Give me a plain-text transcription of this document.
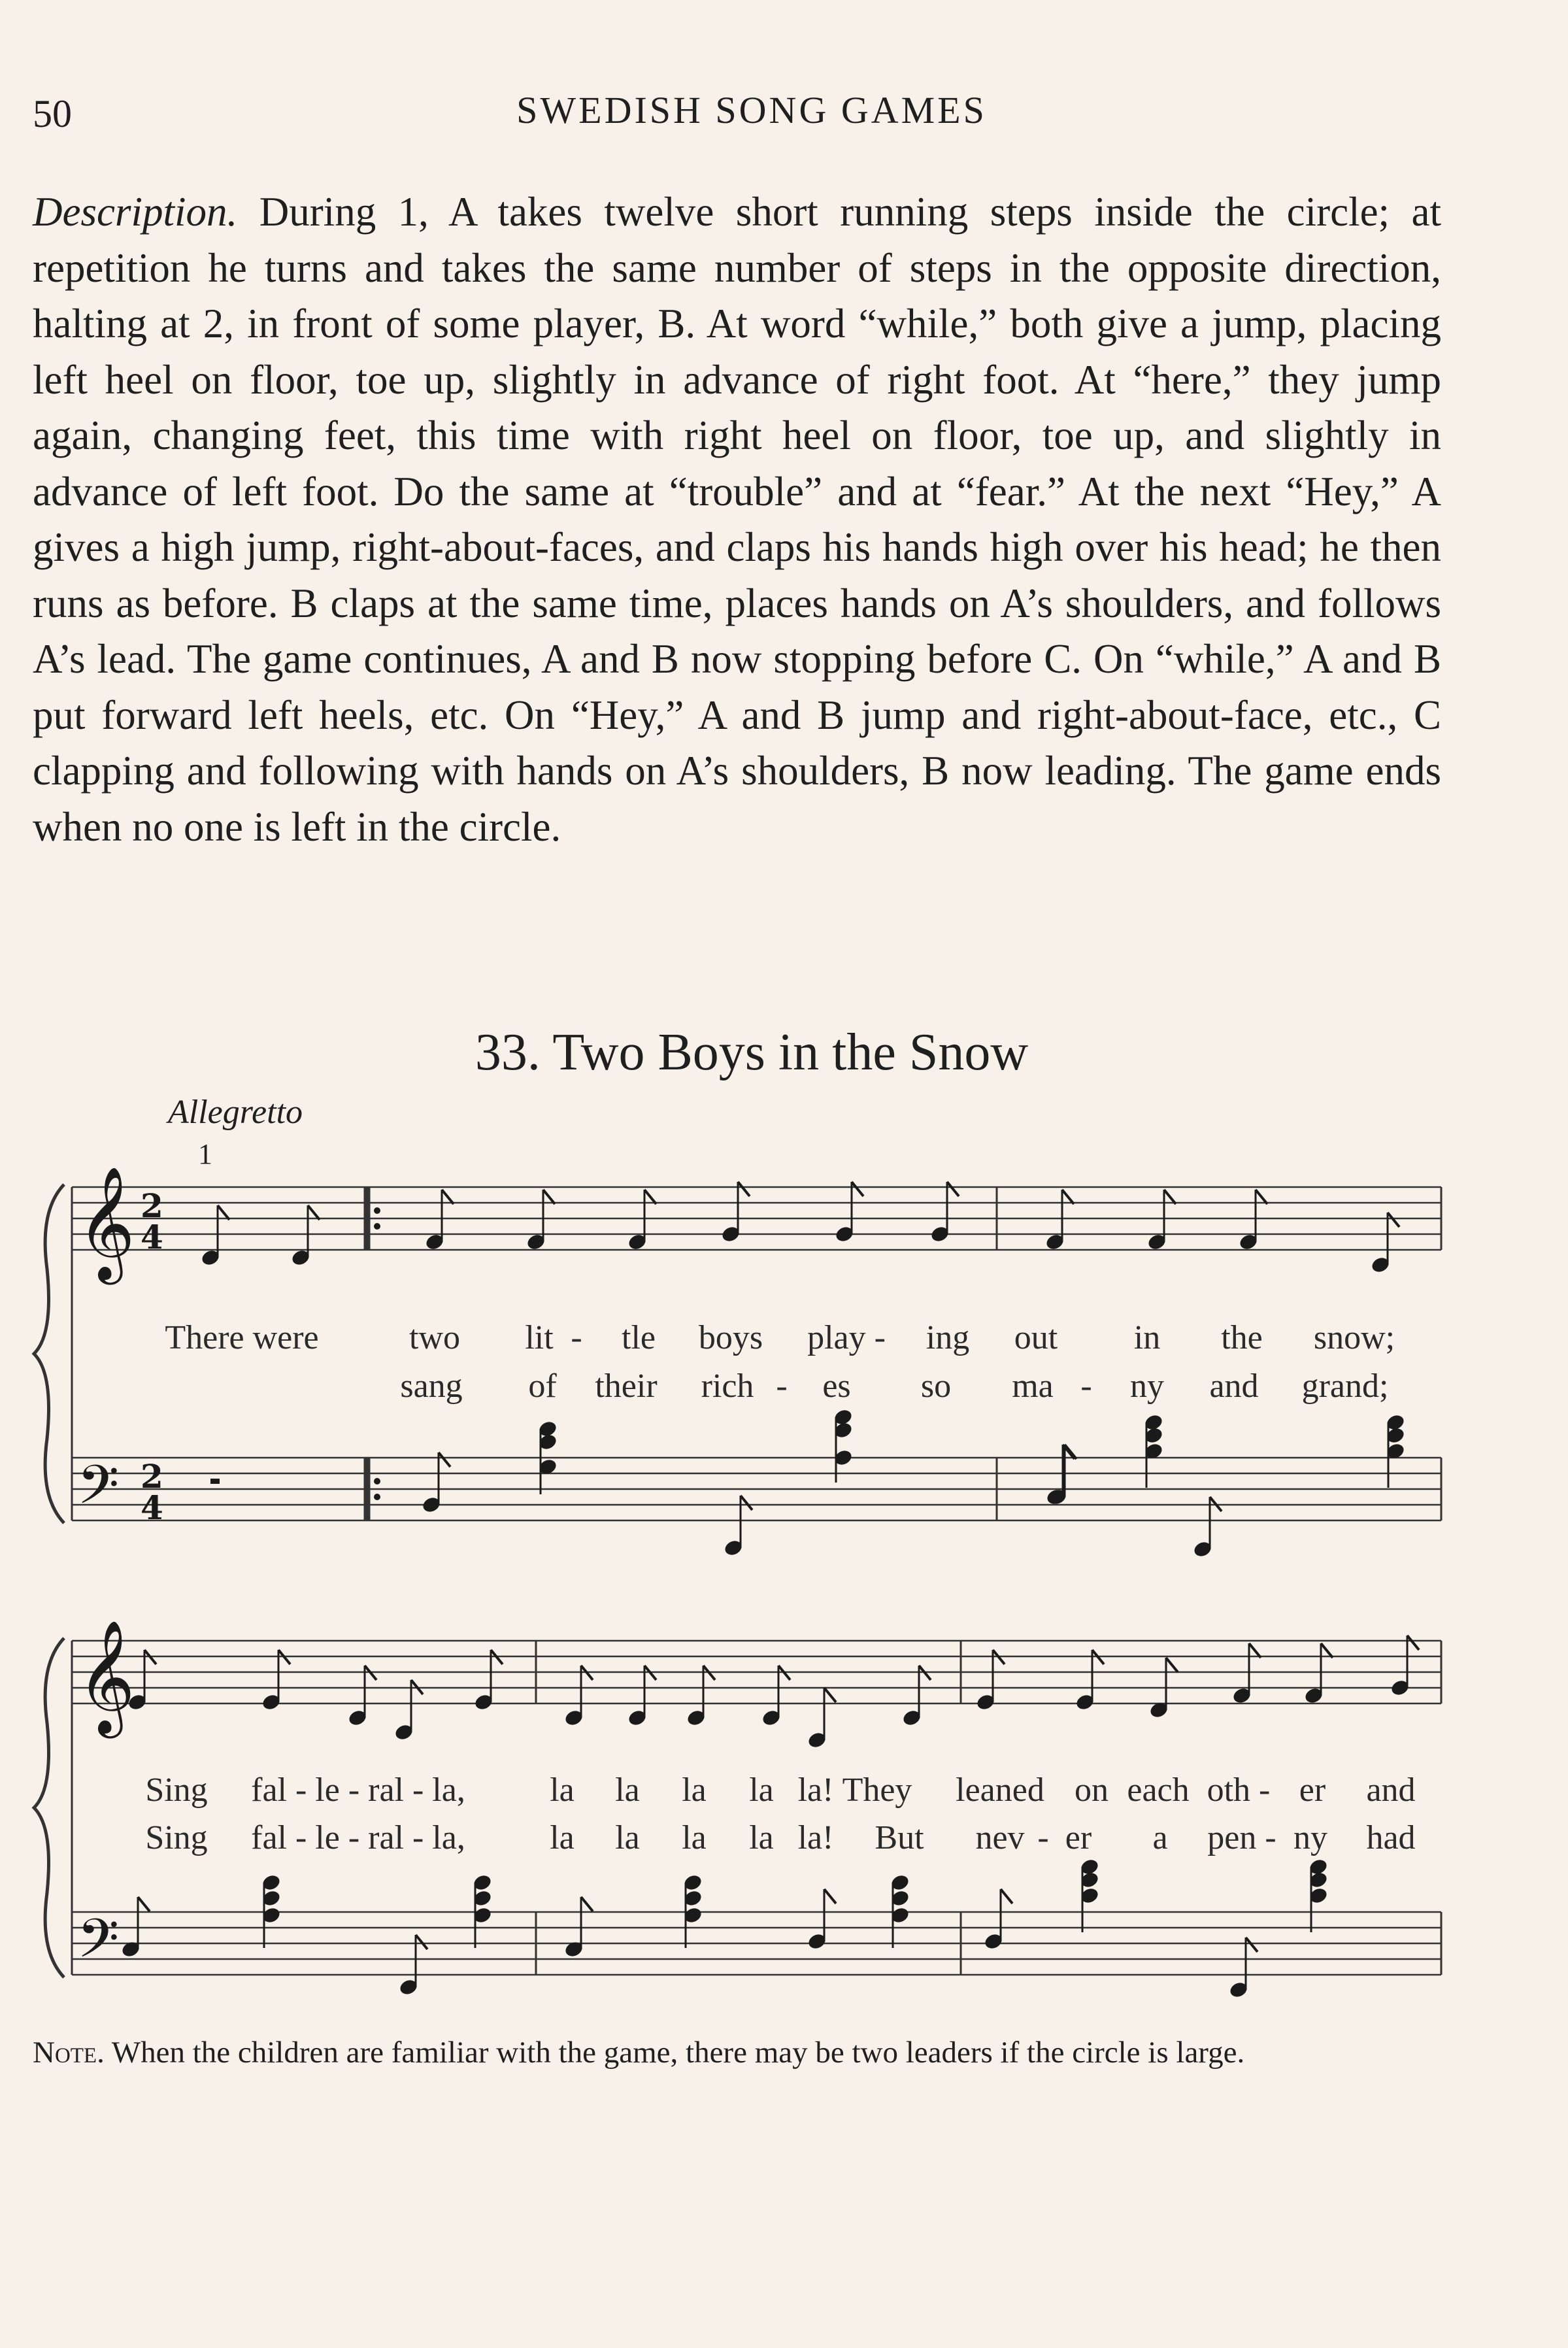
50	SWEDISH SONG GAMES

Description. During 1, A takes twelve short running steps inside the circle; at repetition he turns and takes the same number of steps in the opposite direction, halting at 2, in front of some player, B. At word “while,” both give a jump, placing left heel on floor, toe up, slightly in advance of right foot. At “here,” they jump again, changing feet, this time with right heel on floor, toe up, and slightly in advance of left foot. Do the same at “trouble” and at “fear.” At the next “Hey,” A gives a high jump, right-about-faces, and claps his hands high over his head; he then runs as before. B claps at the same time, places hands on A’s shoulders, and follows A’s lead. The game continues, A and B now stopping before C. On “while,” A and B put forward left heels, etc. On “Hey,” A and B jump and right-about-face, etc., C clapping and following with hands on A’s shoulders, B now leading. The game ends when no one is left in the circle.

33. Two Boys in the Snow
Allegretto
1
𝄞
𝄢
𝄞
𝄢
2
4
2
4
There were	two lit - tle boys play - ing out in the snow;
sang of their rich - es so ma - ny and grand;
Sing fal - le - ral - la, la la la la la! They leaned on each oth - er and
Sing fal - le - ral - la, la la la la la! But nev - er a pen - ny had

Note. When the children are familiar with the game, there may be two leaders if the circle is large.
